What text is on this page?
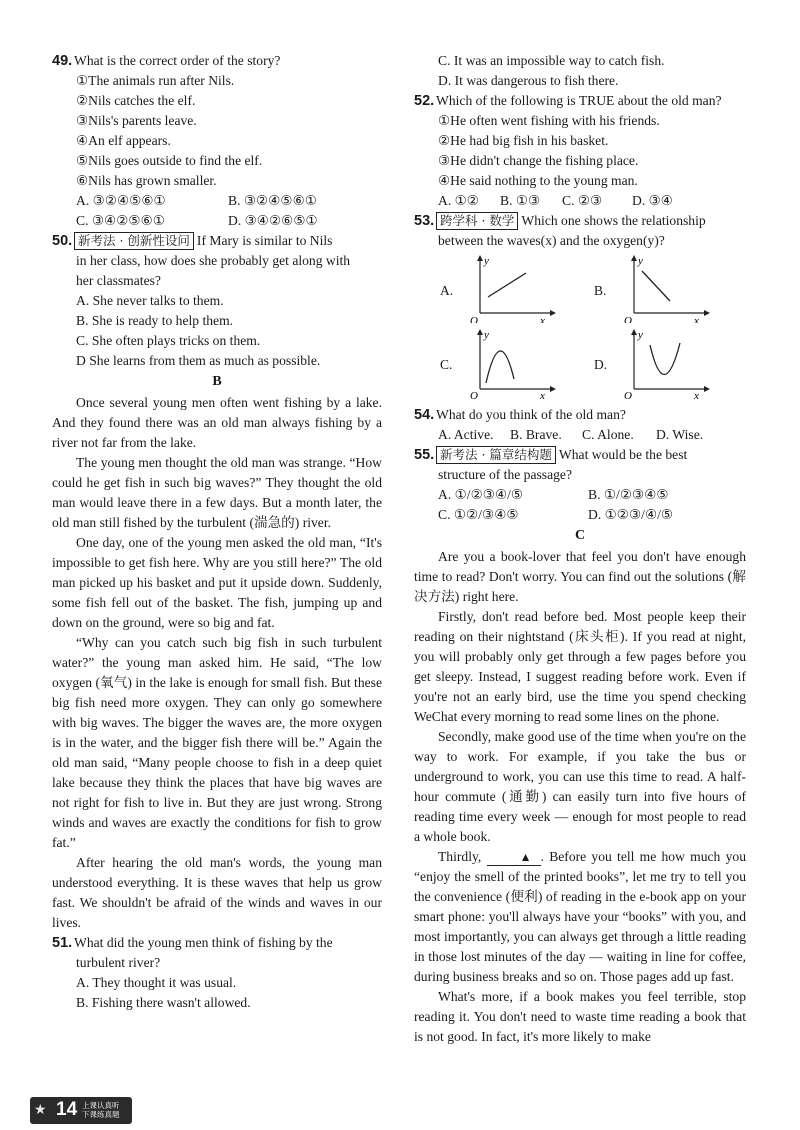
49. What is the correct order of the story?
①The animals run after Nils.
②Nils catches the elf.
③Nils's parents leave.
④An elf appears.
⑤Nils goes outside to find the elf.
⑥Nils has grown smaller.
A. ③②④⑤⑥①	B. ③②④⑤⑥①
C. ③④②⑤⑥①	D. ③④②⑥⑤①
50. 新考法 · 创新性设问 If Mary is similar to Nils
in her class, how does she probably get along with
her classmates?
A. She never talks to them.
B. She is ready to help them.
C. She often plays tricks on them.
D She learns from them as much as possible.
B
Once several young men often went fishing by a lake. And they found there was an old man always fishing by a river not far from the lake.
The young men thought the old man was strange. “How could he get fish in such big waves?” They thought the old man would leave there in a few days. But a month later, the old man still fished by the turbulent (湍急的) river.
One day, one of the young men asked the old man, “It's impossible to get fish here. Why are you still here?” The old man picked up his basket and put it upside down. Suddenly, some fish fell out of the basket. The fish, jumping up and down on the ground, were so big and fat.
“Why can you catch such big fish in such turbulent water?” the young man asked him. He said, “The low oxygen (氧气) in the lake is enough for small fish. But these big fish need more oxygen. They can only go somewhere with big waves. The bigger the waves are, the more oxygen is in the water, and the bigger fish there will be.” Again the old man said, “Many people choose to fish in a deep quiet lake because they think the places that have big waves are not right for fish to live in. But they are just wrong. Strong winds and waves are exactly the conditions for fish to grow fat.”
After hearing the old man's words, the young man understood everything. It is these waves that help us grow fast. We shouldn't be afraid of the winds and waves in our lives.
51. What did the young men think of fishing by the
turbulent river?
A. They thought it was usual.
B. Fishing there wasn't allowed.
C. It was an impossible way to catch fish.
D. It was dangerous to fish there.
52. Which of the following is TRUE about the old man?
①He often went fishing with his friends.
②He had big fish in his basket.
③He didn't change the fishing place.
④He said nothing to the young man.
A. ①②	B. ①③	C. ②③	D. ③④
53. 跨学科 · 数学 Which one shows the relationship
between the waves(x) and the oxygen(y)?
A.
y
x
O
B.
y
x
O
C.
y
x
O
D.
y
x
O
54. What do you think of the old man?
A. Active.	B. Brave.	C. Alone.	D. Wise.
55. 新考法 · 篇章结构题 What would be the best
structure of the passage?
A. ①/②③④/⑤	B. ①/②③④⑤
C. ①②/③④⑤	D. ①②③/④/⑤
C
Are you a book-lover that feel you don't have enough time to read? Don't worry. You can find out the solutions (解决方法) right here.
Firstly, don't read before bed. Most people keep their reading on their nightstand (床头柜). If you read at night, you will probably only get through a few pages before you get sleepy. Instead, I suggest reading before work. Even if you're not an early bird, use the time you spend checking WeChat every morning to read some lines on the phone.
Secondly, make good use of the time when you're on the way to work. For example, if you take the bus or underground to work, you can use this time to read. A half-hour commute (通勤) can easily turn into five hours of reading time every week — enough for most people to read a whole book.
Thirdly,	▲ . Before you tell me how much you “enjoy the smell of the printed books”, let me try to tell you the convenience (便利) of reading in the e-book app on your smart phone: you'll always have your “books” with you, and most importantly, you can always get through a little reading in those lost minutes of the day — waiting in line for coffee, during business breaks and so on. Those pages add up fast.
What's more, if a book makes you feel terrible, stop reading it. You don't need to waste time reading a book that is not good. In fact, it's more likely to make
★ 14 上课认真听
下课练真题
